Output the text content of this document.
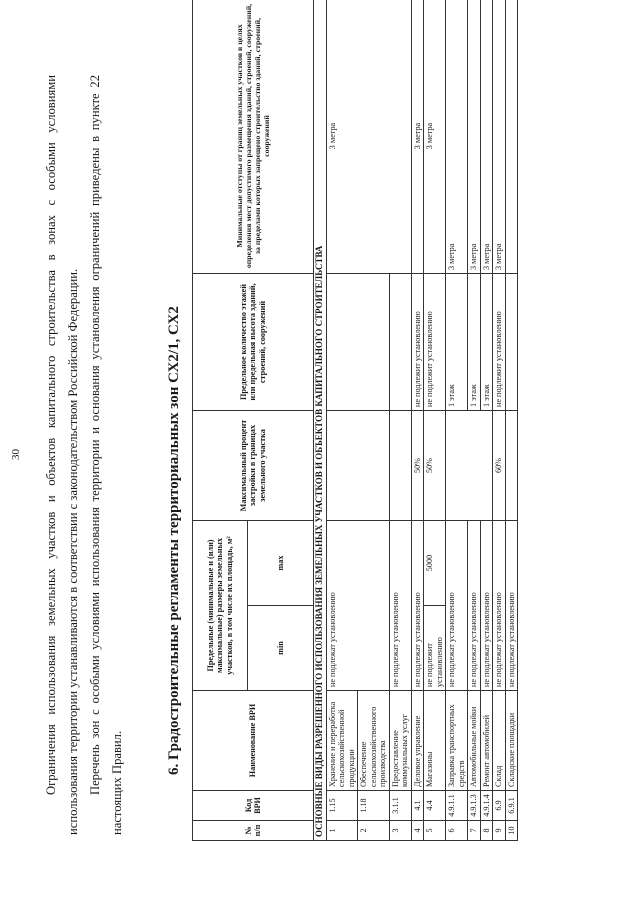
30	Ограничения использования земельных участков и объектов капитального строительства в зонах с особыми условиями использования территории устанавливаются в соответствии с законодательством Российской Федерации. Перечень зон с особыми условиями использования территории и основания установления ограничений приведены в пункте 22 настоящих Правил.
6. Градостроительные регламенты территориальных зон СХ2/1, СХ2
№ п/п	Код ВРИ	Наименование ВРИ	Предельные (минимальные и (или) максимальные) размеры земельных участков, в том числе их площадь, м²		Максимальный процент застройки в границах земельного участка	Предельное количество этажей или предельная высота зданий, строений, сооружений	Минимальные отступы от границ земельных участков в целях определения мест допустимого размещения зданий, строений, сооружений, за пределами которых запрещено строительство зданий, строений, сооружений
			min	max			
ОСНОВНЫЕ ВИДЫ РАЗРЕШЕННОГО ИСПОЛЬЗОВАНИЯ ЗЕМЕЛЬНЫХ УЧАСТКОВ И ОБЪЕКТОВ КАПИТАЛЬНОГО СТРОИТЕЛЬСТВА							
1	1.15	Хранение и переработка сельскохозяйственной продукции	не подлежат установлению				3 метра
2	1.18	Обеспечение сельскохозяйственного производства					
3	3.1.1	Предоставление коммунальных услуг	не подлежат установлению				
4	4.1	Деловое управление	не подлежат установлению		50%	не подлежит установлению	3 метра
5	4.4	Магазины	не подлежит установлению	5000	50%	не подлежит установлению	3 метра
6	4.9.1.1	Заправка транспортных средств	не подлежат установлению			1 этаж	3 метра
7	4.9.1.3	Автомобильные мойки	не подлежат установлению			1 этаж	3 метра
8	4.9.1.4	Ремонт автомобилей	не подлежат установлению			1 этаж	3 метра
9	6.9	Склад	не подлежат установлению		60%	не подлежит установлению	3 метра
10	6.9.1	Складские площадки	не подлежат установлению				
